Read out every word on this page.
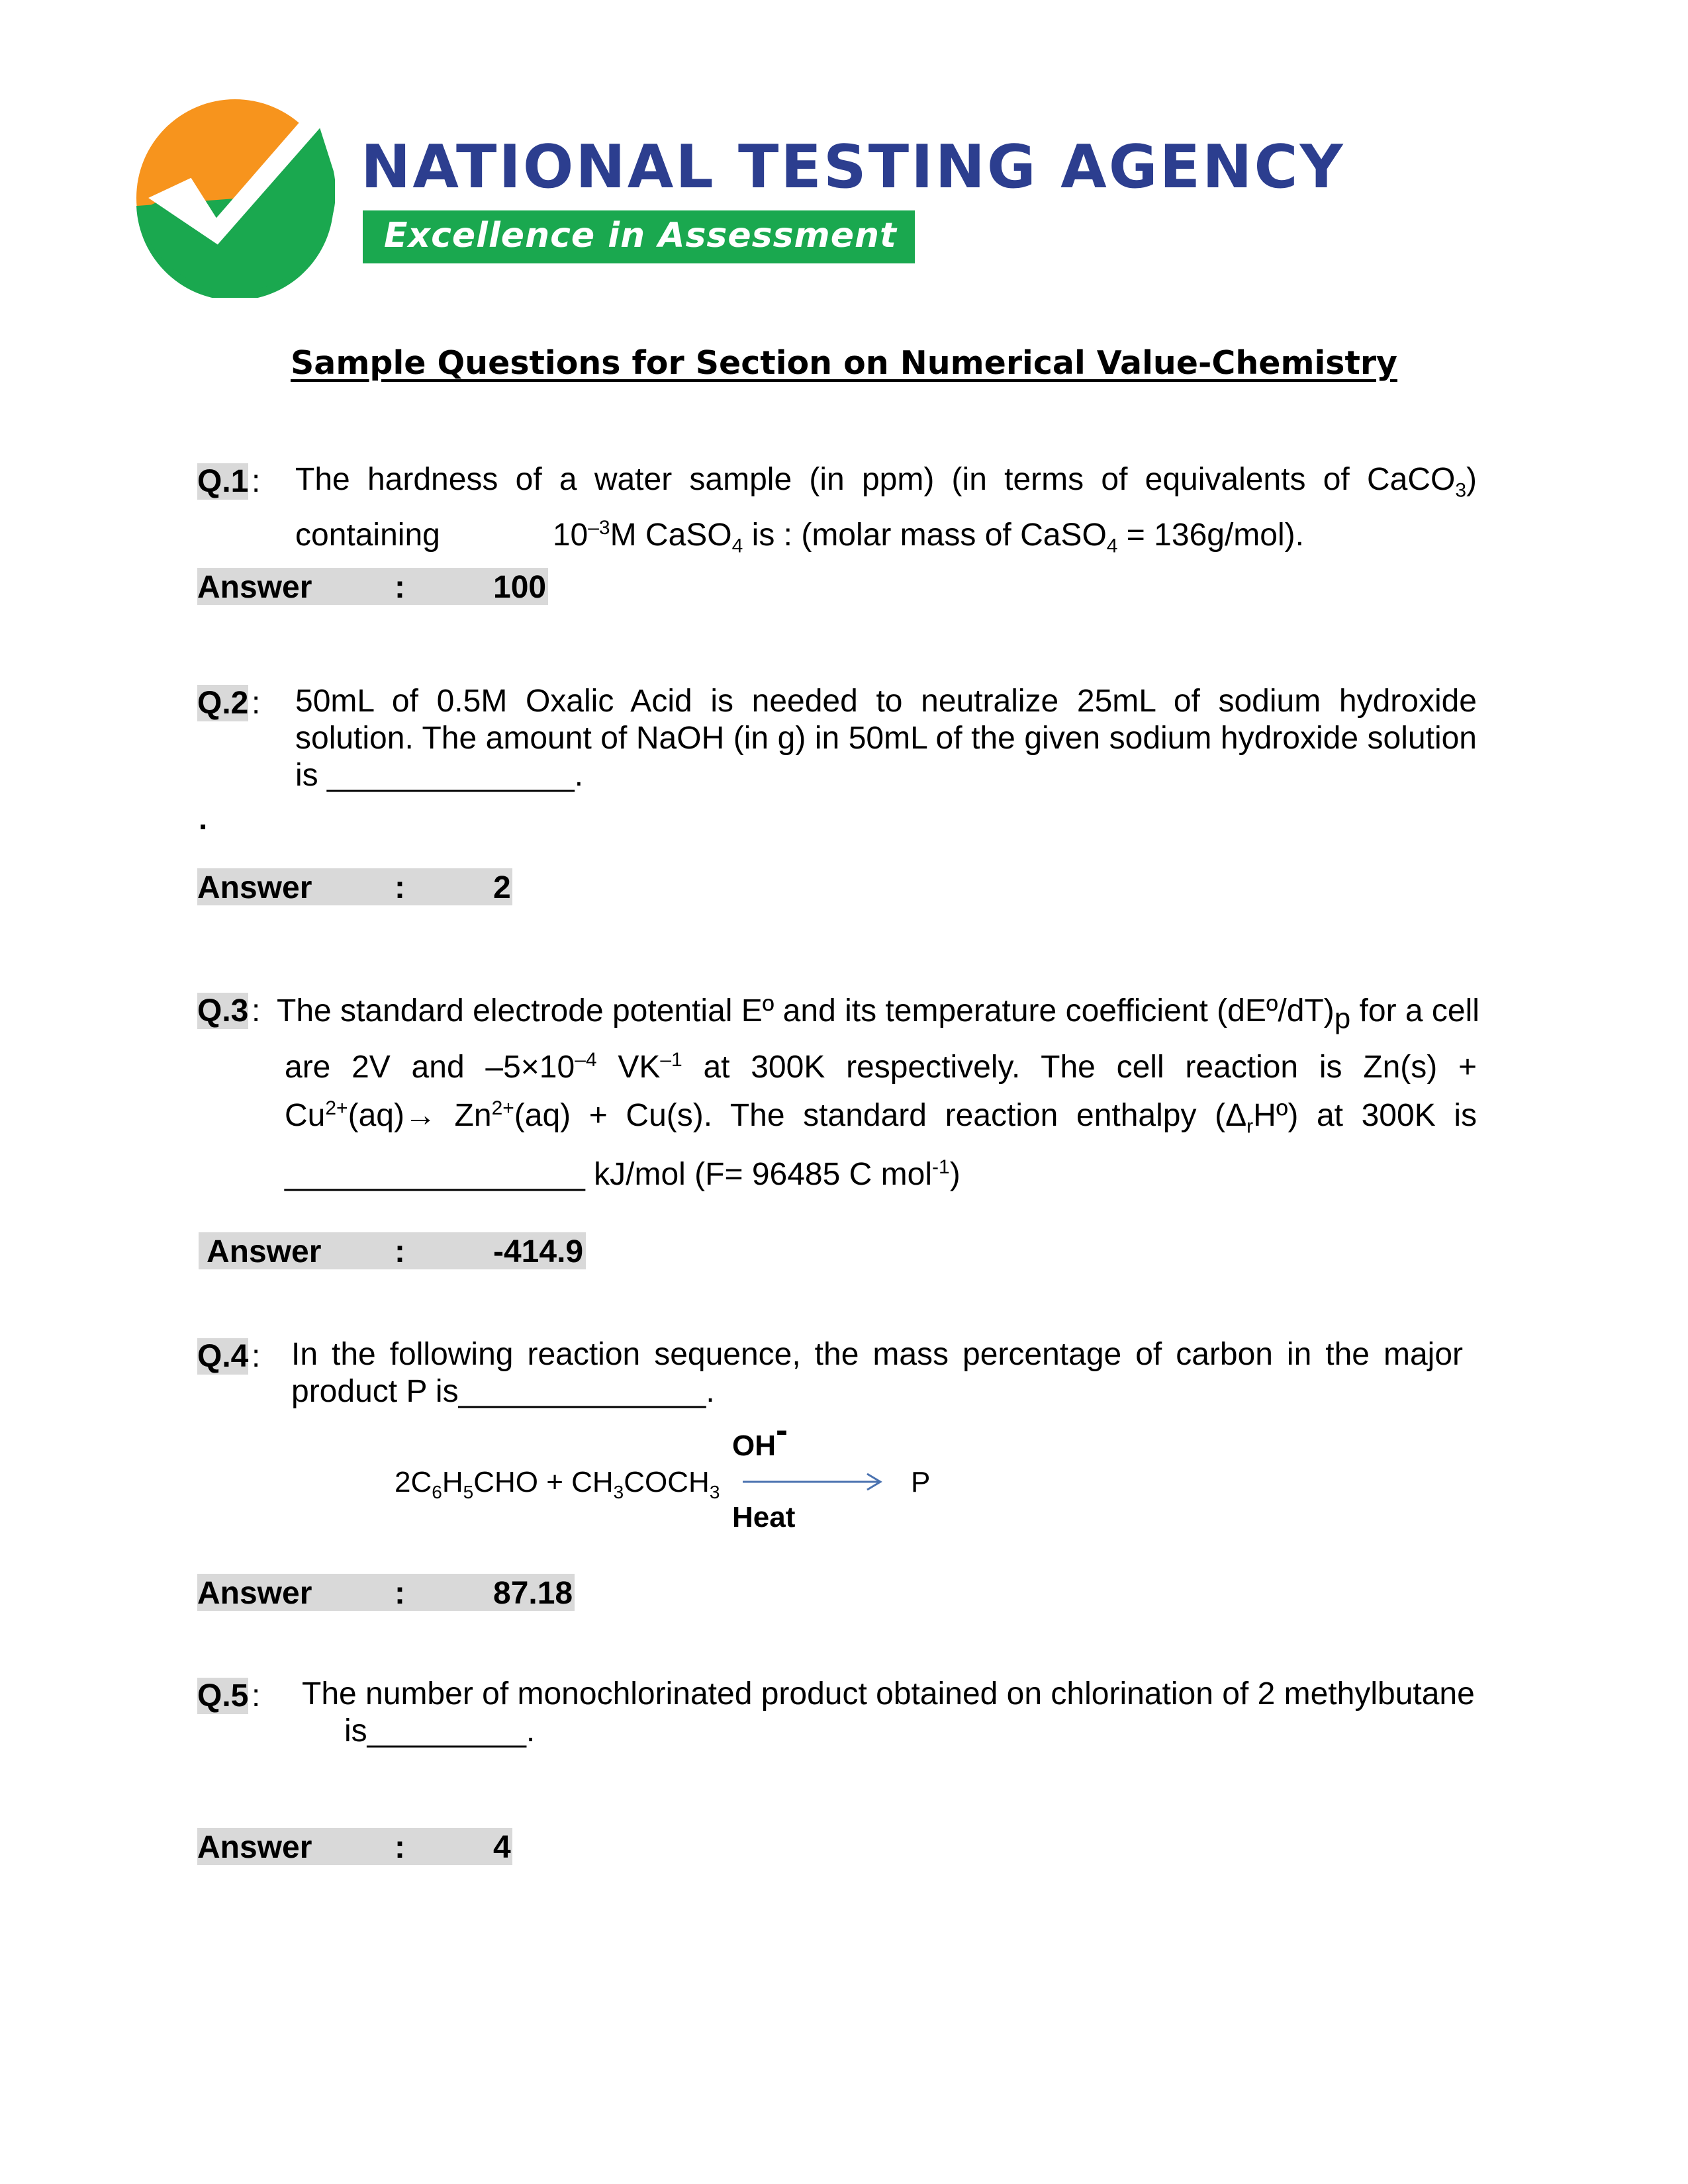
NATIONAL TESTING AGENCY
Excellence in Assessment
Sample Questions for Section on Numerical Value-Chemistry
Q.1 : The hardness of a water sample (in ppm) (in terms of equivalents of CaCO$_3$)
containing	$10^{-3}M$ CaSO$_4$ is : (molar mass of CaSO$_4$ = 136g/mol).
Answer	:	100
Q.2 : 50mL of 0.5M Oxalic Acid is needed to neutralize 25mL of sodium hydroxide solution. The amount of NaOH (in g) in 50mL of the given sodium hydroxide solution is ______________.
.
Answer	:	2
Q.3 : The standard electrode potential Eº and its temperature coefficient $(dEº/dT)_p$ for a cell
are 2V and $-5\times 10^{-4}$ $VK^{-1}$ at 300K respectively. The cell reaction is Zn(s) +
$Cu^{2+}(aq)\to Zn^{2+}(aq) + Cu(s)$. The standard reaction enthalpy $(\Delta_rHº)$ at 300K is
_________________ kJ/mol (F= 96485 C mol$^{-1}$)
Answer :	-414.9
Q.4 : In the following reaction sequence, the mass percentage of carbon in the major product P is______________.
$2C_6H_5CHO$ + $CH_3COCH_3$
OH -
Heat
P
Answer	:	87.18
Q.5 : The number of monochlorinated product obtained on chlorination of 2 methylbutane
is_________.
Answer	:	4
